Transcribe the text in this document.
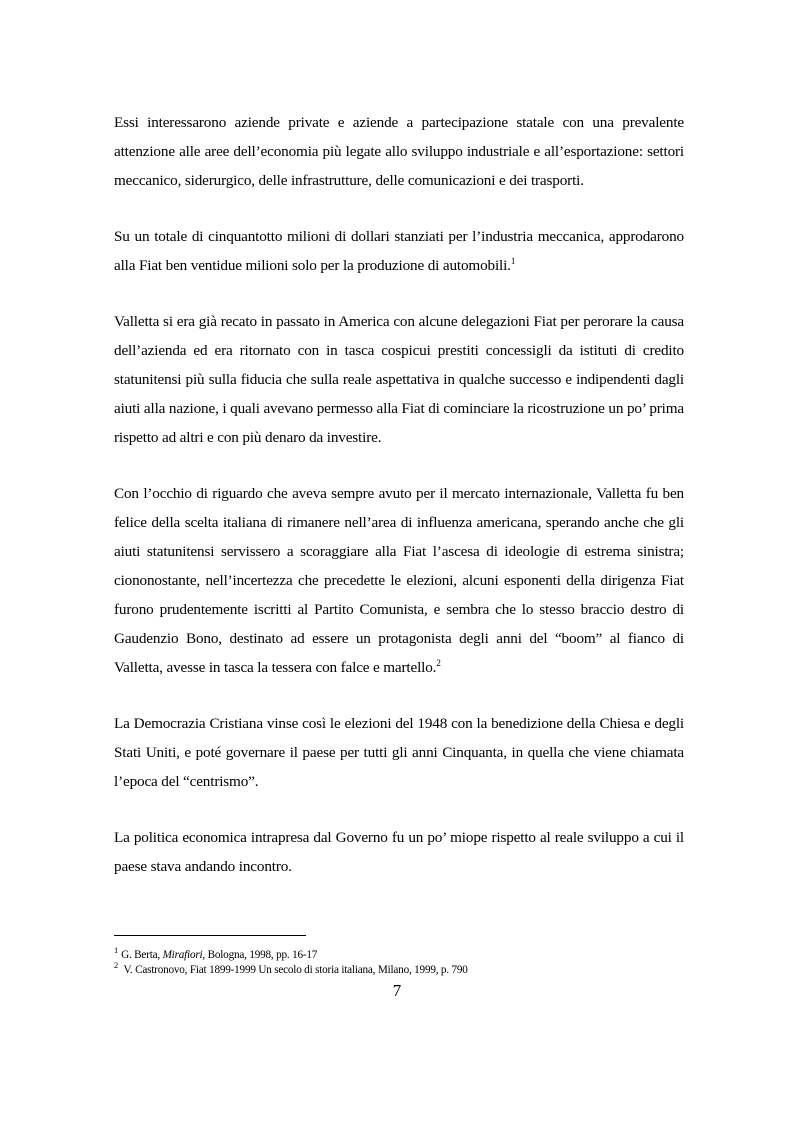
Essi interessarono aziende private e aziende a partecipazione statale con una prevalente attenzione alle aree dell’economia più legate allo sviluppo industriale e all’esportazione: settori meccanico, siderurgico, delle infrastrutture, delle comunicazioni e dei trasporti.

Su un totale di cinquantotto milioni di dollari stanziati per l’industria meccanica, approdarono alla Fiat ben ventidue milioni solo per la produzione di automobili.$^1$

Valletta si era già recato in passato in America con alcune delegazioni Fiat per perorare la causa dell’azienda ed era ritornato con in tasca cospicui prestiti concessigli da istituti di credito statunitensi più sulla fiducia che sulla reale aspettativa in qualche successo e indipendenti dagli aiuti alla nazione, i quali avevano permesso alla Fiat di cominciare la ricostruzione un po’ prima rispetto ad altri e con più denaro da investire.

Con l’occhio di riguardo che aveva sempre avuto per il mercato internazionale, Valletta fu ben felice della scelta italiana di rimanere nell’area di influenza americana, sperando anche che gli aiuti statunitensi servissero a scoraggiare alla Fiat l’ascesa di ideologie di estrema sinistra; ciononostante, nell’incertezza che precedette le elezioni, alcuni esponenti della dirigenza Fiat furono prudentemente iscritti al Partito Comunista, e sembra che lo stesso braccio destro di Gaudenzio Bono, destinato ad essere un protagonista degli anni del “boom” al fianco di Valletta, avesse in tasca la tessera con falce e martello.$^2$

La Democrazia Cristiana vinse così le elezioni del 1948 con la benedizione della Chiesa e degli Stati Uniti, e poté governare il paese per tutti gli anni Cinquanta, in quella che viene chiamata l’epoca del “centrismo”.

La politica economica intrapresa dal Governo fu un po’ miope rispetto al reale sviluppo a cui il paese stava andando incontro.

$^1$ G. Berta, Mirafiori, Bologna, 1998, pp. 16-17

$^2$ V. Castronovo, Fiat 1899-1999 Un secolo di storia italiana, Milano, 1999, p. 790

7
